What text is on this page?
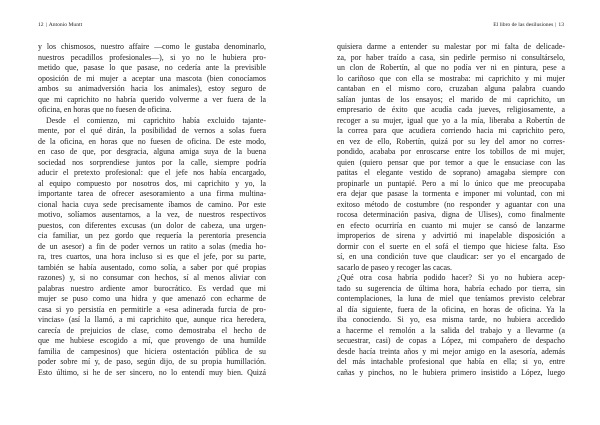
12 | Antonio Muntt
y los chismosos, nuestro affaire —como le gustaba denominarlo,
nuestros pecadillos profesionales—), si yo no le hubiera pro-
metido que, pasase lo que pasase, no cedería ante la previsible
oposición de mi mujer a aceptar una mascota (bien conocíamos
ambos su animadversión hacia los animales), estoy seguro de
que mi caprichito no habría querido volverme a ver fuera de la
oficina, en horas que no fuesen de oficina.
Desde el comienzo, mi caprichito había excluido tajante-
mente, por el qué dirán, la posibilidad de vernos a solas fuera
de la oficina, en horas que no fuesen de oficina. De este modo,
en caso de que, por desgracia, alguna amiga suya de la buena
sociedad nos sorprendiese juntos por la calle, siempre podría
aducir el pretexto profesional: que el jefe nos había encargado,
al equipo compuesto por nosotros dos, mi caprichito y yo, la
importante tarea de ofrecer asesoramiento a una firma multina-
cional hacia cuya sede precisamente íbamos de camino. Por este
motivo, solíamos ausentarnos, a la vez, de nuestros respectivos
puestos, con diferentes excusas (un dolor de cabeza, una urgen-
cia familiar, un pez gordo que requería la perentoria presencia
de un asesor) a fin de poder vernos un ratito a solas (media ho-
ra, tres cuartos, una hora incluso si es que el jefe, por su parte,
también se había ausentado, como solía, a saber por qué propias
razones) y, si no consumar con hechos, sí al menos aliviar con
palabras nuestro ardiente amor burocrático. Es verdad que mi
mujer se puso como una hidra y que amenazó con echarme de
casa si yo persistía en permitirle a «esa adinerada furcia de pro-
vincias» (así la llamó, a mi caprichito que, aunque rica heredera,
carecía de prejuicios de clase, como demostraba el hecho de
que me hubiese escogido a mí, que provengo de una humilde
familia de campesinos) que hiciera ostentación pública de su
poder sobre mí y, de paso, según dijo, de su propia humillación.
Esto último, si he de ser sincero, no lo entendí muy bien. Quizá
El libro de las desilusiones | 13
quisiera darme a entender su malestar por mi falta de delicade-
za, por haber traído a casa, sin pedirle permiso ni consultárselo,
un clon de Robertín, al que no podía ver ni en pintura, pese a
lo cariñoso que con ella se mostraba: mi caprichito y mi mujer
cantaban en el mismo coro, cruzaban alguna palabra cuando
salían juntas de los ensayos; el marido de mi caprichito, un
empresario de éxito que acudía cada jueves, religiosamente, a
recoger a su mujer, igual que yo a la mía, liberaba a Robertín de
la correa para que acudiera corriendo hacia mi caprichito pero,
en vez de ello, Robertín, quizá por su ley del amor no corres-
pondido, acababa por enroscarse entre los tobillos de mi mujer,
quien (quiero pensar que por temor a que le ensuciase con las
patitas el elegante vestido de soprano) amagaba siempre con
propinarle un puntapié. Pero a mí lo único que me preocupaba
era dejar que pasase la tormenta e imponer mi voluntad, con mi
exitoso método de costumbre (no responder y aguantar con una
rocosa determinación pasiva, digna de Ulises), como finalmente
en efecto ocurriría en cuanto mi mujer se cansó de lanzarme
improperios de sirena y advirtió mi inapelable disposición a
dormir con el suerte en el sofá el tiempo que hiciese falta. Eso
sí, en una condición tuve que claudicar: ser yo el encargado de
sacarlo de paseo y recoger las cacas.
¿Qué otra cosa habría podido hacer? Si yo no hubiera acep-
tado su sugerencia de última hora, habría echado por tierra, sin
contemplaciones, la luna de miel que teníamos previsto celebrar
al día siguiente, fuera de la oficina, en horas de oficina. Ya la
iba conociendo. Si yo, esa misma tarde, no hubiera accedido
a hacerme el remolón a la salida del trabajo y a llevarme (a
secuestrar, casi) de copas a López, mi compañero de despacho
desde hacía treinta años y mi mejor amigo en la asesoría, además
del más intachable profesional que había en ella; si yo, entre
cañas y pinchos, no le hubiera primero insistido a López, luego
